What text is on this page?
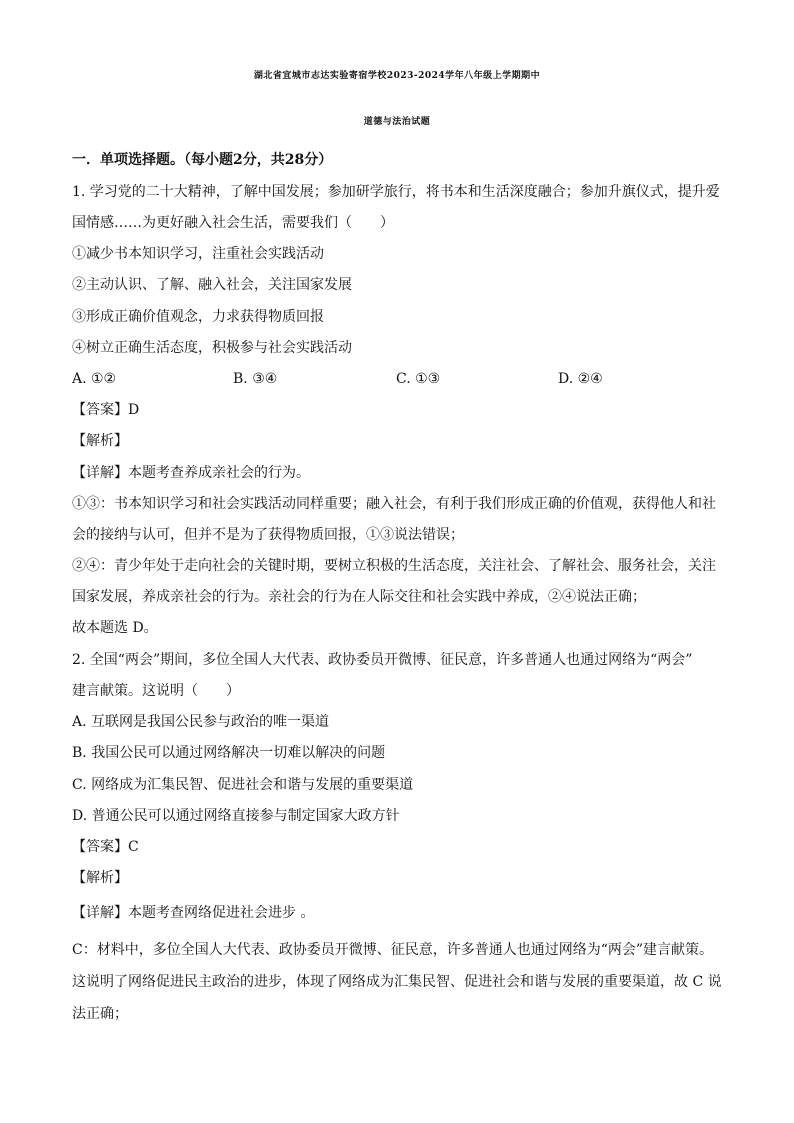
湖北省宜城市志达实验寄宿学校2023-2024学年八年级上学期期中
道德与法治试题
一．单项选择题。（每小题2分，共28分）
1. 学习党的二十大精神，了解中国发展；参加研学旅行，将书本和生活深度融合；参加升旗仪式，提升爱
国情感……为更好融入社会生活，需要我们（　　）
①减少书本知识学习，注重社会实践活动
②主动认识、了解、融入社会，关注国家发展
③形成正确价值观念，力求获得物质回报
④树立正确生活态度，积极参与社会实践活动
A. ①②	B. ③④	C. ①③	D. ②④
【答案】D
【解析】
【详解】本题考查养成亲社会的行为。
①③：书本知识学习和社会实践活动同样重要；融入社会，有利于我们形成正确的价值观，获得他人和社
会的接纳与认可，但并不是为了获得物质回报，①③说法错误；
②④：青少年处于走向社会的关键时期，要树立积极的生活态度，关注社会、了解社会、服务社会，关注
国家发展，养成亲社会的行为。亲社会的行为在人际交往和社会实践中养成，②④说法正确；
故本题选 D。
2. 全国“两会”期间，多位全国人大代表、政协委员开微博、征民意，许多普通人也通过网络为“两会”
建言献策。这说明（　　）
A. 互联网是我国公民参与政治的唯一渠道
B. 我国公民可以通过网络解决一切难以解决的问题
C. 网络成为汇集民智、促进社会和谐与发展的重要渠道
D. 普通公民可以通过网络直接参与制定国家大政方针
【答案】C
【解析】
【详解】本题考查网络促进社会进步 。
C：材料中，多位全国人大代表、政协委员开微博、征民意，许多普通人也通过网络为“两会”建言献策。
这说明了网络促进民主政治的进步，体现了网络成为汇集民智、促进社会和谐与发展的重要渠道，故 C 说
法正确；
